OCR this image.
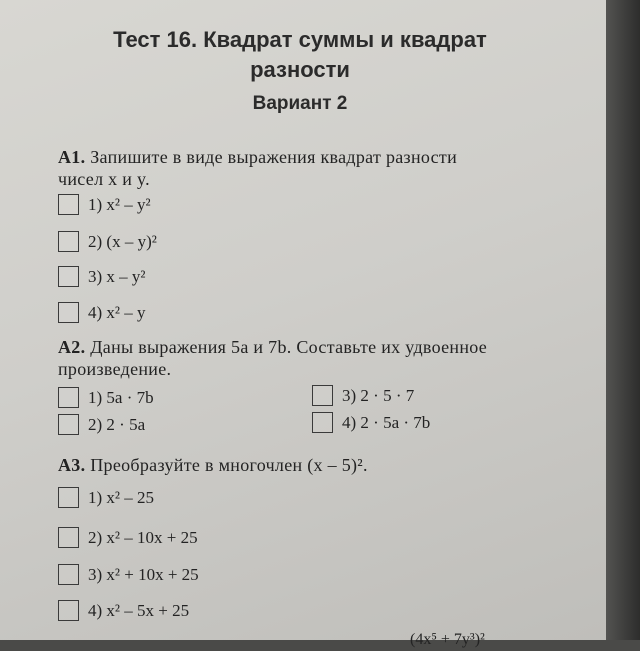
Тест 16. Квадрат суммы и квадрат
разности
Вариант 2
А1. Запишите в виде выражения квадрат разности
чисел x и y.
1) x² – y²
2) (x – y)²
3) x – y²
4) x² – y
А2. Даны выражения 5a и 7b. Составьте их удвоенное
произведение.
1) 5a · 7b
2) 2 · 5a
3) 2 · 5 · 7
4) 2 · 5a · 7b
А3. Преобразуйте в многочлен (x – 5)².
1) x² – 25
2) x² – 10x + 25
3) x² + 10x + 25
4) x² – 5x + 25
(4x⁵ + 7y³)²
